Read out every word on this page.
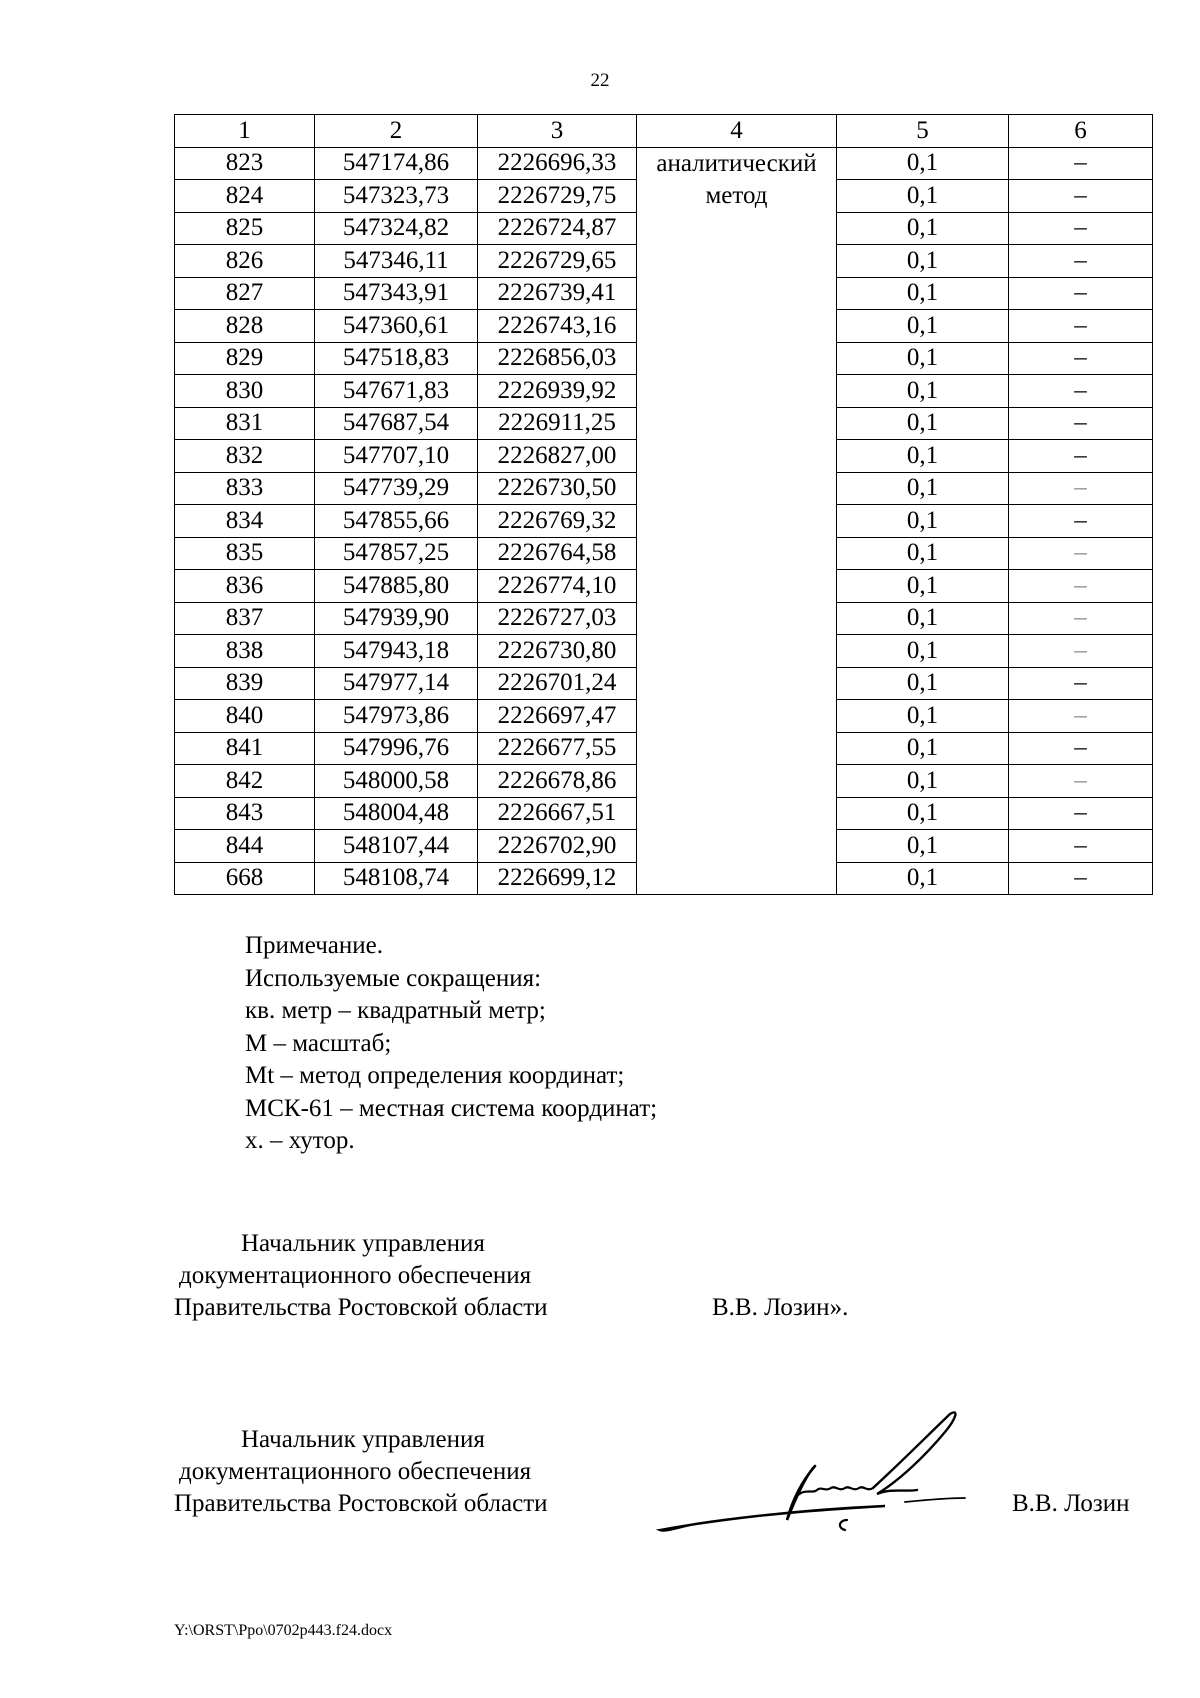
22
1	2	3	4	5	6
823	547174,86	2226696,33	аналитический метод	0,1	–
824	547323,73	2226729,75		0,1	–
825	547324,82	2226724,87		0,1	–
826	547346,11	2226729,65		0,1	–
827	547343,91	2226739,41		0,1	–
828	547360,61	2226743,16		0,1	–
829	547518,83	2226856,03		0,1	–
830	547671,83	2226939,92		0,1	–
831	547687,54	2226911,25		0,1	–
832	547707,10	2226827,00		0,1	–
833	547739,29	2226730,50		0,1	–
834	547855,66	2226769,32		0,1	–
835	547857,25	2226764,58		0,1	–
836	547885,80	2226774,10		0,1	–
837	547939,90	2226727,03		0,1	–
838	547943,18	2226730,80		0,1	–
839	547977,14	2226701,24		0,1	–
840	547973,86	2226697,47		0,1	–
841	547996,76	2226677,55		0,1	–
842	548000,58	2226678,86		0,1	–
843	548004,48	2226667,51		0,1	–
844	548107,44	2226702,90		0,1	–
668	548108,74	2226699,12		0,1	–
Примечание.
Используемые сокращения:
кв. метр – квадратный метр;
М – масштаб;
Mt – метод определения координат;
МСК-61 – местная система координат;
х. – хутор.
Начальник управления
документационного обеспечения
Правительства Ростовской области	В.В. Лозин».
Начальник управления
документационного обеспечения
Правительства Ростовской области	В.В. Лозин
Y:\ORST\Ppo\0702p443.f24.docx
